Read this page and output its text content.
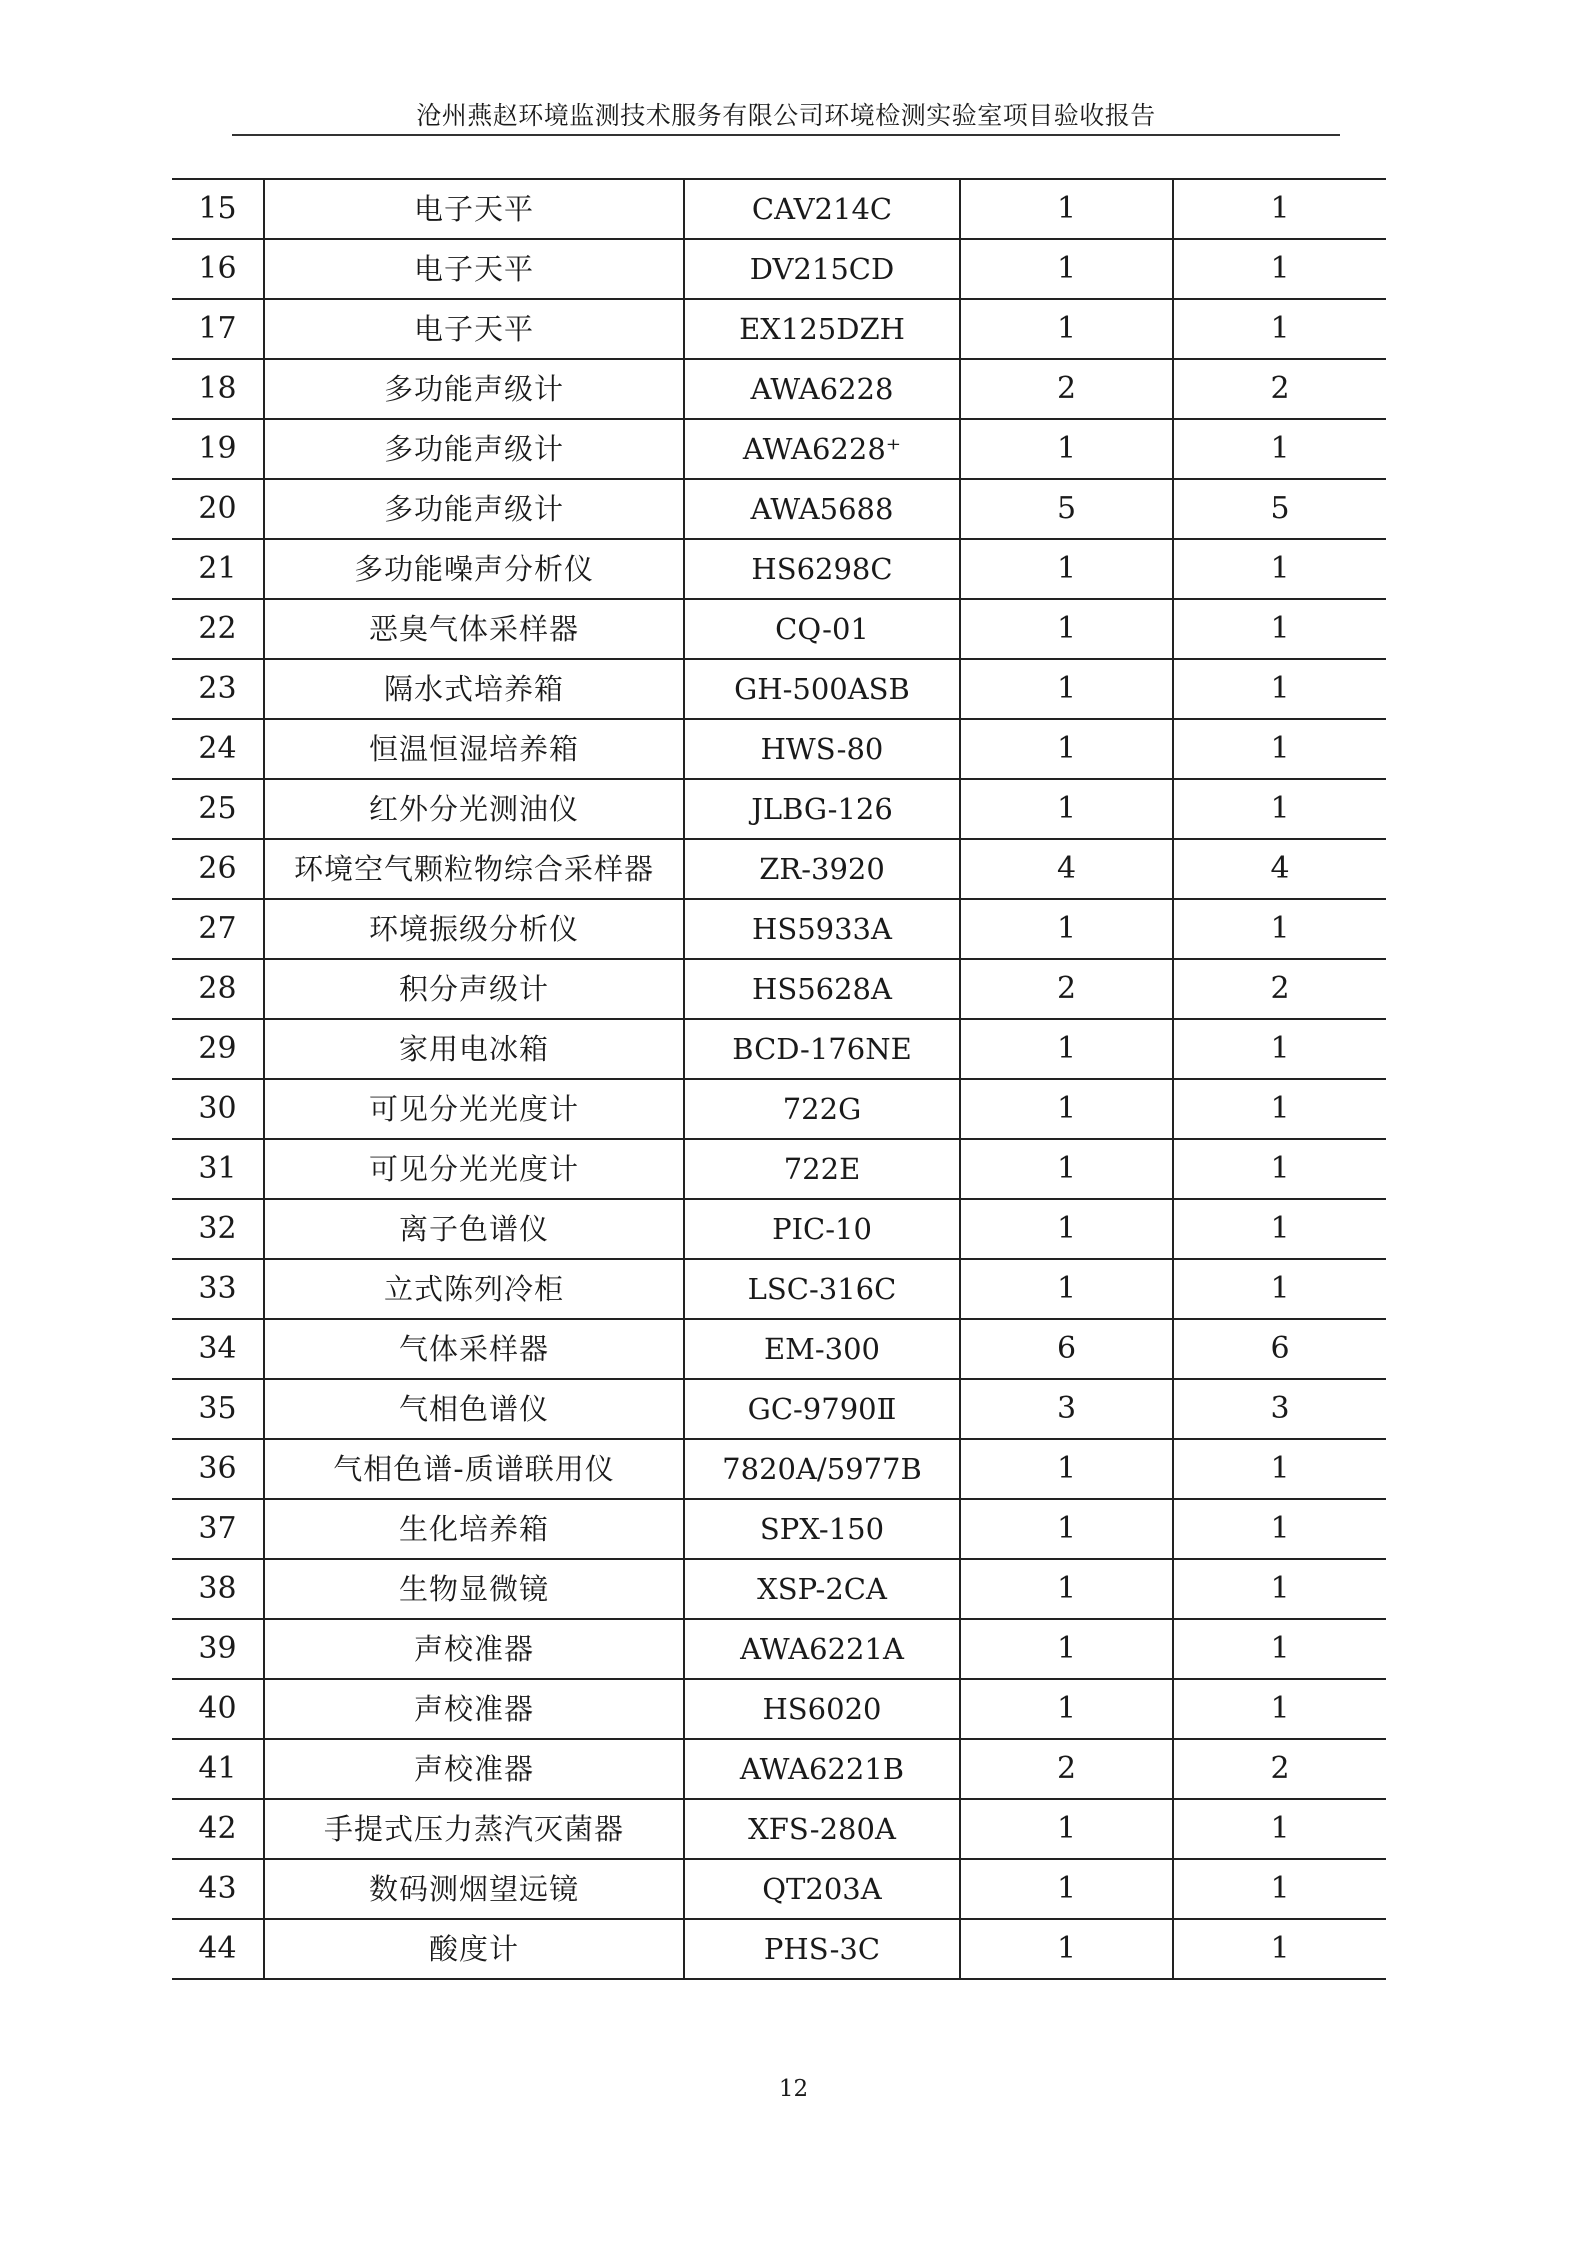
沧州燕赵环境监测技术服务有限公司环境检测实验室项目验收报告
15	电子天平	CAV214C	1	1
16	电子天平	DV215CD	1	1
17	电子天平	EX125DZH	1	1
18	多功能声级计	AWA6228	2	2
19	多功能声级计	AWA6228⁺	1	1
20	多功能声级计	AWA5688	5	5
21	多功能噪声分析仪	HS6298C	1	1
22	恶臭气体采样器	CQ-01	1	1
23	隔水式培养箱	GH-500ASB	1	1
24	恒温恒湿培养箱	HWS-80	1	1
25	红外分光测油仪	JLBG-126	1	1
26	环境空气颗粒物综合采样器	ZR-3920	4	4
27	环境振级分析仪	HS5933A	1	1
28	积分声级计	HS5628A	2	2
29	家用电冰箱	BCD-176NE	1	1
30	可见分光光度计	722G	1	1
31	可见分光光度计	722E	1	1
32	离子色谱仪	PIC-10	1	1
33	立式陈列冷柜	LSC-316C	1	1
34	气体采样器	EM-300	6	6
35	气相色谱仪	GC-9790Ⅱ	3	3
36	气相色谱-质谱联用仪	7820A/5977B	1	1
37	生化培养箱	SPX-150	1	1
38	生物显微镜	XSP-2CA	1	1
39	声校准器	AWA6221A	1	1
40	声校准器	HS6020	1	1
41	声校准器	AWA6221B	2	2
42	手提式压力蒸汽灭菌器	XFS-280A	1	1
43	数码测烟望远镜	QT203A	1	1
44	酸度计	PHS-3C	1	1
12
